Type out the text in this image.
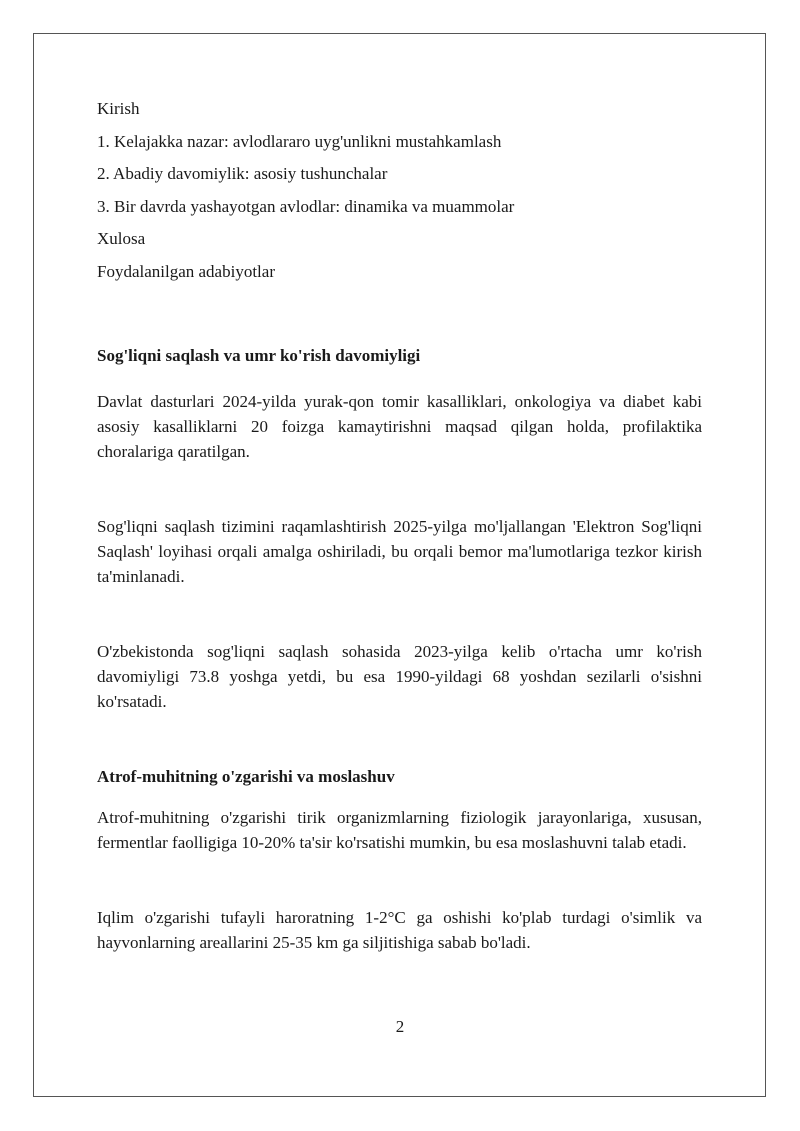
Kirish

1. Kelajakka nazar: avlodlararo uyg'unlikni mustahkamlash

2. Abadiy davomiylik: asosiy tushunchalar

3. Bir davrda yashayotgan avlodlar: dinamika va muammolar

Xulosa

Foydalanilgan adabiyotlar

Sog'liqni saqlash va umr ko'rish davomiyligi

Davlat dasturlari 2024-yilda yurak-qon tomir kasalliklari, onkologiya va diabet kabi asosiy kasalliklarni 20 foizga kamaytirishni maqsad qilgan holda, profilaktika choralariga qaratilgan.

Sog'liqni saqlash tizimini raqamlashtirish 2025-yilga mo'ljallangan 'Elektron Sog'liqni Saqlash' loyihasi orqali amalga oshiriladi, bu orqali bemor ma'lumotlariga tezkor kirish ta'minlanadi.

O'zbekistonda sog'liqni saqlash sohasida 2023-yilga kelib o'rtacha umr ko'rish davomiyligi 73.8 yoshga yetdi, bu esa 1990-yildagi 68 yoshdan sezilarli o'sishni ko'rsatadi.

Atrof-muhitning o'zgarishi va moslashuv

Atrof-muhitning o'zgarishi tirik organizmlarning fiziologik jarayonlariga, xususan, fermentlar faolligiga 10-20% ta'sir ko'rsatishi mumkin, bu esa moslashuvni talab etadi.

Iqlim o'zgarishi tufayli haroratning 1-2°C ga oshishi ko'plab turdagi o'simlik va hayvonlarning areallarini 25-35 km ga siljitishiga sabab bo'ladi.

2
